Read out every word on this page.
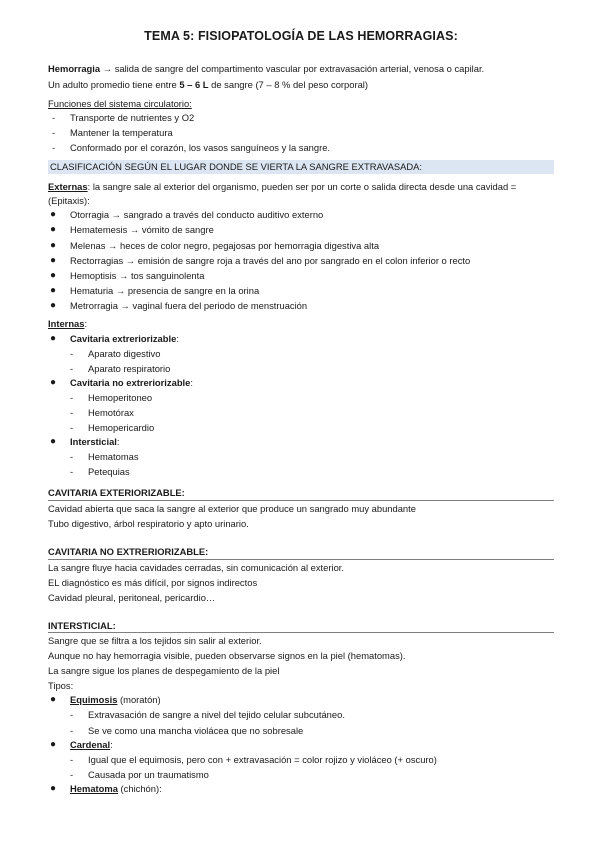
TEMA 5: FISIOPATOLOGÍA DE LAS HEMORRAGIAS:
Hemorragia → salida de sangre del compartimento vascular por extravasación arterial, venosa o capilar.
Un adulto promedio tiene entre 5 – 6 L de sangre (7 – 8 % del peso corporal)
Funciones del sistema circulatorio:
- Transporte de nutrientes y O2
- Mantener la temperatura
- Conformado por el corazón, los vasos sanguíneos y la sangre.
CLASIFICACIÓN SEGÚN EL LUGAR DONDE SE VIERTA LA SANGRE EXTRAVASADA:
Externas: la sangre sale al exterior del organismo, pueden ser por un corte o salida directa desde una cavidad =
(Epitaxis):
● Otorragia → sangrado a través del conducto auditivo externo
● Hematemesis → vómito de sangre
● Melenas → heces de color negro, pegajosas por hemorragia digestiva alta
● Rectorragias → emisión de sangre roja a través del ano por sangrado en el colon inferior o recto
● Hemoptisis → tos sanguinolenta
● Hematuria → presencia de sangre en la orina
● Metrorragia → vaginal fuera del periodo de menstruación
Internas:
● Cavitaria extreriorizable:
- Aparato digestivo
- Aparato respiratorio
● Cavitaria no extreriorizable:
- Hemoperitoneo
- Hemotórax
- Hemopericardio
● Intersticial:
- Hematomas
- Petequias
CAVITARIA EXTERIORIZABLE:
Cavidad abierta que saca la sangre al exterior que produce un sangrado muy abundante
Tubo digestivo, árbol respiratorio y apto urinario.
CAVITARIA NO EXTRERIORIZABLE:
La sangre fluye hacia cavidades cerradas, sin comunicación al exterior.
EL diagnóstico es más difícil, por signos indirectos
Cavidad pleural, peritoneal, pericardio…
INTERSTICIAL:
Sangre que se filtra a los tejidos sin salir al exterior.
Aunque no hay hemorragia visible, pueden observarse signos en la piel (hematomas).
La sangre sigue los planes de despegamiento de la piel
Tipos:
● Equimosis (moratón)
- Extravasación de sangre a nivel del tejido celular subcutáneo.
- Se ve como una mancha violácea que no sobresale
● Cardenal:
- Igual que el equimosis, pero con + extravasación = color rojizo y violáceo (+ oscuro)
- Causada por un traumatismo
● Hematoma (chichón):
